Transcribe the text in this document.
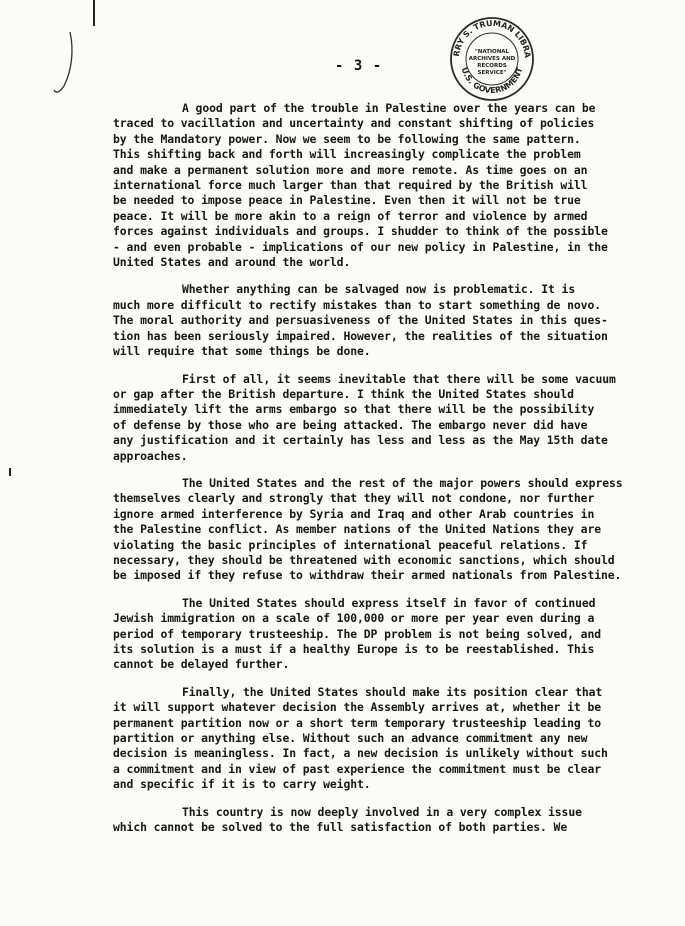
- 3 -
RRY S. TRUMAN LIBRA
U.S. GOVERNMENT
"NATIONAL
ARCHIVES AND
RECORDS
SERVICE"

A good part of the trouble in Palestine over the years can be
traced to vacillation and uncertainty and constant shifting of policies
by the Mandatory power. Now we seem to be following the same pattern.
This shifting back and forth will increasingly complicate the problem
and make a permanent solution more and more remote. As time goes on an
international force much larger than that required by the British will
be needed to impose peace in Palestine. Even then it will not be true
peace. It will be more akin to a reign of terror and violence by armed
forces against individuals and groups. I shudder to think of the possible
- and even probable - implications of our new policy in Palestine, in the
United States and around the world.

Whether anything can be salvaged now is problematic. It is
much more difficult to rectify mistakes than to start something de novo.
The moral authority and persuasiveness of the United States in this ques-
tion has been seriously impaired. However, the realities of the situation
will require that some things be done.

First of all, it seems inevitable that there will be some vacuum
or gap after the British departure. I think the United States should
immediately lift the arms embargo so that there will be the possibility
of defense by those who are being attacked. The embargo never did have
any justification and it certainly has less and less as the May 15th date
approaches.

The United States and the rest of the major powers should express
themselves clearly and strongly that they will not condone, nor further
ignore armed interference by Syria and Iraq and other Arab countries in
the Palestine conflict. As member nations of the United Nations they are
violating the basic principles of international peaceful relations. If
necessary, they should be threatened with economic sanctions, which should
be imposed if they refuse to withdraw their armed nationals from Palestine.

The United States should express itself in favor of continued
Jewish immigration on a scale of 100,000 or more per year even during a
period of temporary trusteeship. The DP problem is not being solved, and
its solution is a must if a healthy Europe is to be reestablished. This
cannot be delayed further.

Finally, the United States should make its position clear that
it will support whatever decision the Assembly arrives at, whether it be
permanent partition now or a short term temporary trusteeship leading to
partition or anything else. Without such an advance commitment any new
decision is meaningless. In fact, a new decision is unlikely without such
a commitment and in view of past experience the commitment must be clear
and specific if it is to carry weight.

This country is now deeply involved in a very complex issue
which cannot be solved to the full satisfaction of both parties. We
